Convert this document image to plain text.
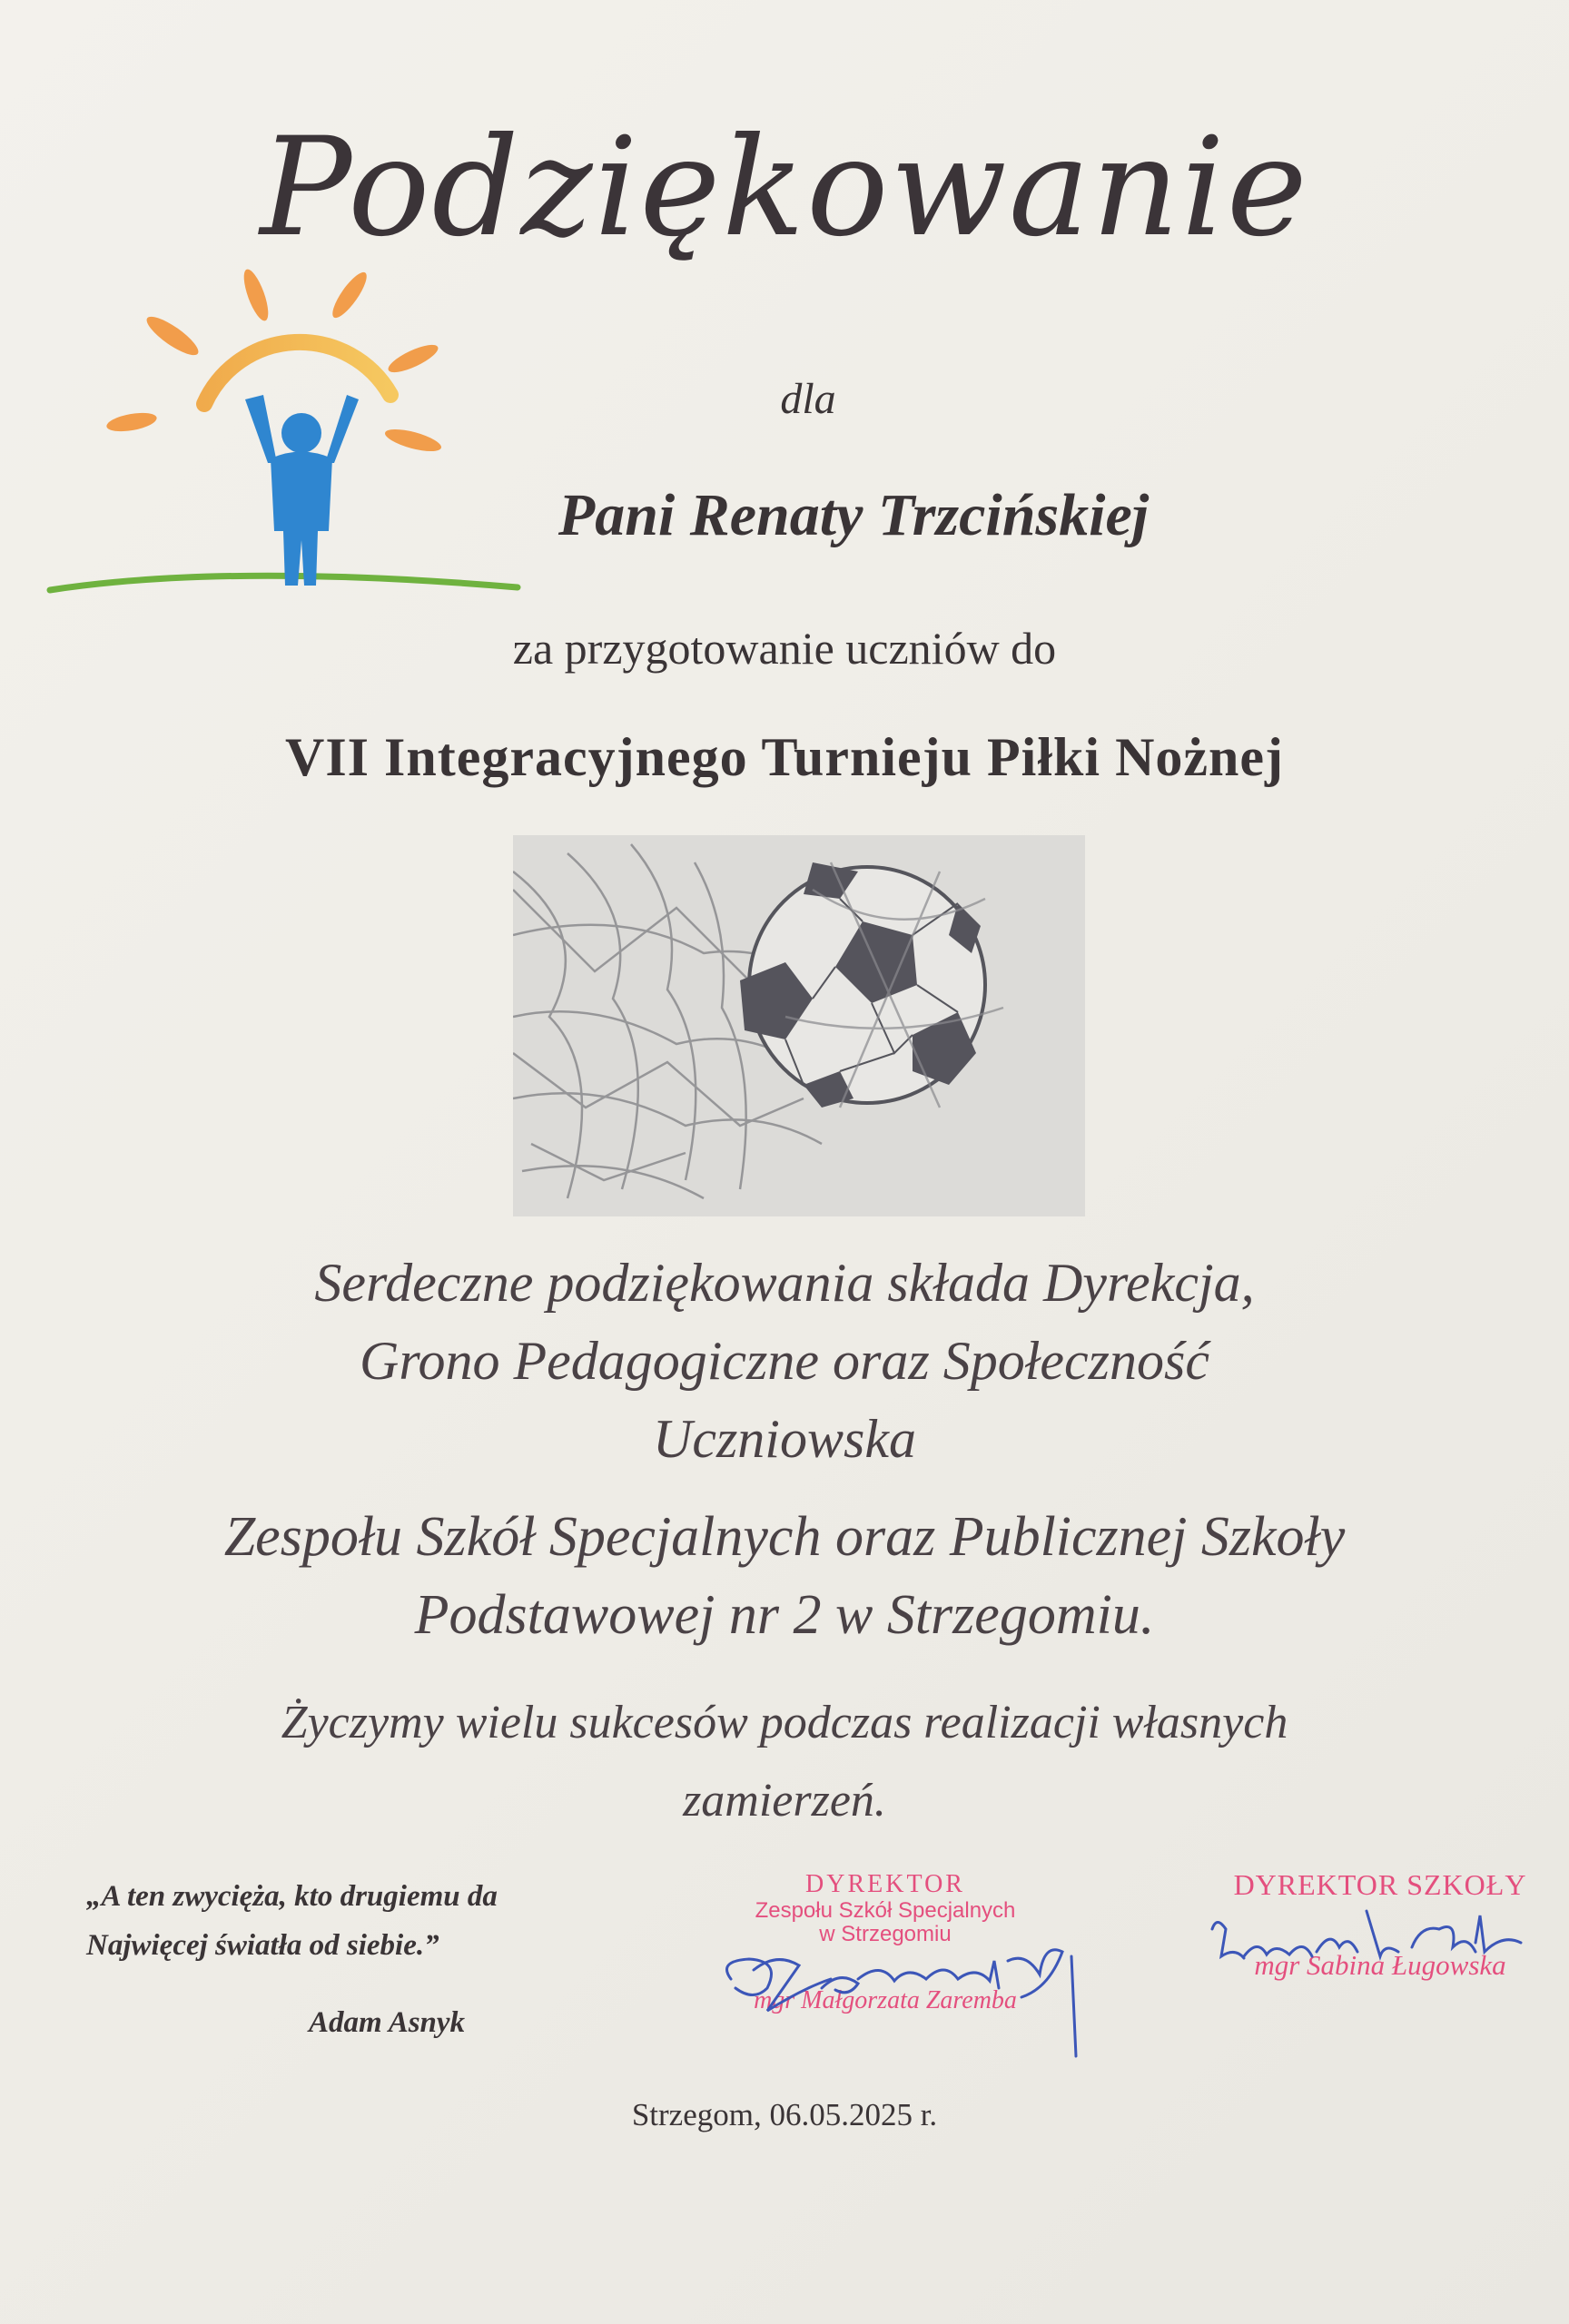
Podziękowanie
dla
Pani Renaty Trzcińskiej
za przygotowanie uczniów do
VII Integracyjnego Turnieju Piłki Nożnej
Serdeczne podziękowania składa Dyrekcja,
Grono Pedagogiczne oraz Społeczność
Uczniowska
Zespołu Szkół Specjalnych oraz Publicznej Szkoły
Podstawowej nr 2 w Strzegomiu.
Życzymy wielu sukcesów podczas realizacji własnych
zamierzeń.
„A ten zwycięża, kto drugiemu da
Najwięcej światła od siebie.”
Adam Asnyk
DYREKTOR
Zespołu Szkół Specjalnych
w Strzegomiu
mgr Małgorzata Zaremba
DYREKTOR SZKOŁY
mgr Sabina Ługowska
Strzegom, 06.05.2025 r.
